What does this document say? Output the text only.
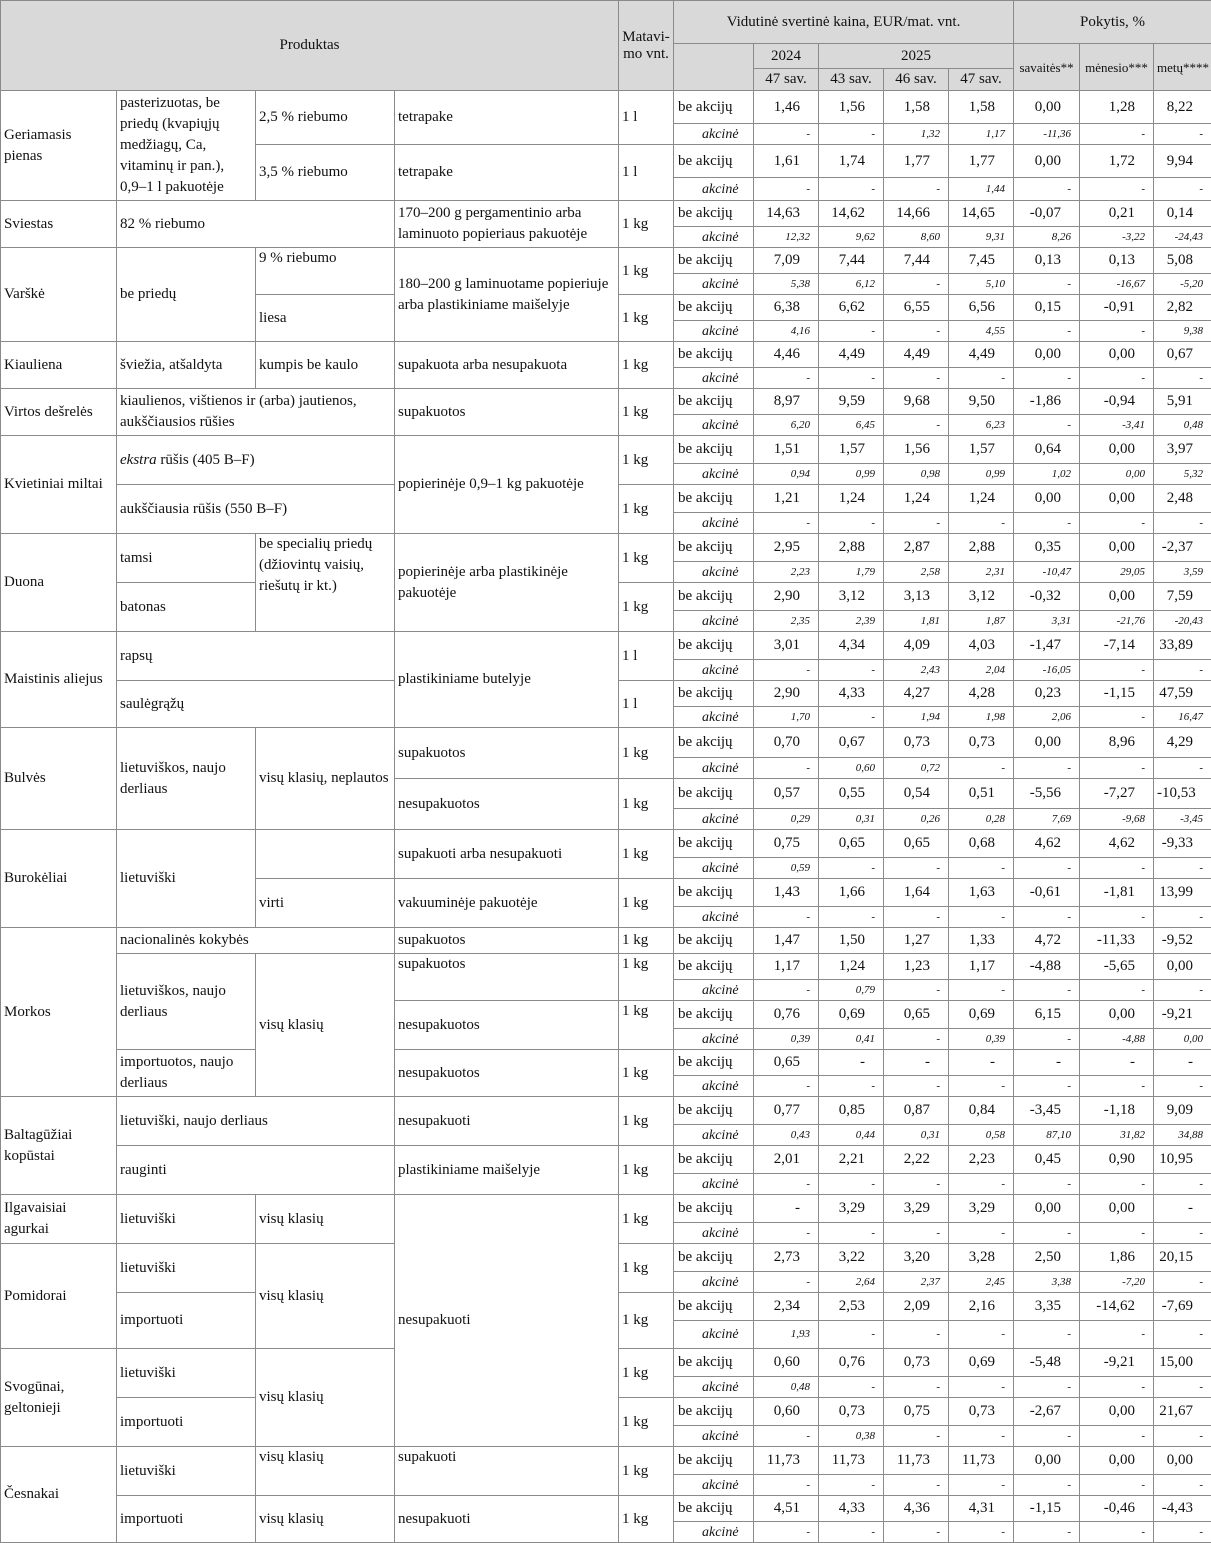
Produktas				Matavi-
mo vnt.	Vidutinė svertinė kaina, EUR/mat. vnt.					Pokytis, %		
						2024	2025			savaitės**	mėnesio***	metų****
						47 sav.	43 sav.	46 sav.	47 sav.			
Geriamasis pienas	pasterizuotas, be priedų (kvapiųjų medžiagų, Ca, vitaminų ir pan.), 0,9–1 l pakuotėje	2,5 % riebumo	tetrapake	1 l	be akcijų	1,46	1,56	1,58	1,58	0,00	1,28	8,22
					akcinė	-	-	1,32	1,17	-11,36	-	-
		3,5 % riebumo	tetrapake	1 l	be akcijų	1,61	1,74	1,77	1,77	0,00	1,72	9,94
					akcinė	-	-	-	1,44	-	-	-
Sviestas	82 % riebumo		170–200 g pergamentinio arba laminuoto popieriaus pakuotėje	1 kg	be akcijų	14,63	14,62	14,66	14,65	-0,07	0,21	0,14
					akcinė	12,32	9,62	8,60	9,31	8,26	-3,22	-24,43
Varškė	be priedų	9 % riebumo	180–200 g laminuotame popieriuje arba plastikiniame maišelyje	1 kg	be akcijų	7,09	7,44	7,44	7,45	0,13	0,13	5,08
					akcinė	5,38	6,12	-	5,10	-	-16,67	-5,20
		liesa		1 kg	be akcijų	6,38	6,62	6,55	6,56	0,15	-0,91	2,82
					akcinė	4,16	-	-	4,55	-	-	9,38
Kiauliena	šviežia, atšaldyta	kumpis be kaulo	supakuota arba nesupakuota	1 kg	be akcijų	4,46	4,49	4,49	4,49	0,00	0,00	0,67
					akcinė	-	-	-	-	-	-	-
Virtos dešrelės	kiaulienos, vištienos ir (arba) jautienos, aukščiausios rūšies		supakuotos	1 kg	be akcijų	8,97	9,59	9,68	9,50	-1,86	-0,94	5,91
					akcinė	6,20	6,45	-	6,23	-	-3,41	0,48
Kvietiniai miltai	ekstra rūšis (405 B–F)		popierinėje 0,9–1 kg pakuotėje	1 kg	be akcijų	1,51	1,57	1,56	1,57	0,64	0,00	3,97
					akcinė	0,94	0,99	0,98	0,99	1,02	0,00	5,32
	aukščiausia rūšis (550 B–F)			1 kg	be akcijų	1,21	1,24	1,24	1,24	0,00	0,00	2,48
					akcinė	-	-	-	-	-	-	-
Duona	tamsi	be specialių priedų (džiovintų vaisių, riešutų ir kt.)	popierinėje arba plastikinėje pakuotėje	1 kg	be akcijų	2,95	2,88	2,87	2,88	0,35	0,00	-2,37
					akcinė	2,23	1,79	2,58	2,31	-10,47	29,05	3,59
	batonas			1 kg	be akcijų	2,90	3,12	3,13	3,12	-0,32	0,00	7,59
					akcinė	2,35	2,39	1,81	1,87	3,31	-21,76	-20,43
Maistinis aliejus	rapsų		plastikiniame butelyje	1 l	be akcijų	3,01	4,34	4,09	4,03	-1,47	-7,14	33,89
					akcinė	-	-	2,43	2,04	-16,05	-	-
	saulėgrąžų			1 l	be akcijų	2,90	4,33	4,27	4,28	0,23	-1,15	47,59
					akcinė	1,70	-	1,94	1,98	2,06	-	16,47
Bulvės	lietuviškos, naujo derliaus	visų klasių, neplautos	supakuotos	1 kg	be akcijų	0,70	0,67	0,73	0,73	0,00	8,96	4,29
					akcinė	-	0,60	0,72	-	-	-	-
			nesupakuotos	1 kg	be akcijų	0,57	0,55	0,54	0,51	-5,56	-7,27	-10,53
					akcinė	0,29	0,31	0,26	0,28	7,69	-9,68	-3,45
Burokėliai	lietuviški		supakuoti arba nesupakuoti	1 kg	be akcijų	0,75	0,65	0,65	0,68	4,62	4,62	-9,33
					akcinė	0,59	-	-	-	-	-	-
		virti	vakuuminėje pakuotėje	1 kg	be akcijų	1,43	1,66	1,64	1,63	-0,61	-1,81	13,99
					akcinė	-	-	-	-	-	-	-
Morkos	nacionalinės kokybės		supakuotos	1 kg	be akcijų	1,47	1,50	1,27	1,33	4,72	-11,33	-9,52
	lietuviškos, naujo derliaus	visų klasių	supakuotos	1 kg	be akcijų	1,17	1,24	1,23	1,17	-4,88	-5,65	0,00
					akcinė	-	0,79	-	-	-	-	-
			nesupakuotos	1 kg	be akcijų	0,76	0,69	0,65	0,69	6,15	0,00	-9,21
					akcinė	0,39	0,41	-	0,39	-	-4,88	0,00
	importuotos, naujo derliaus		nesupakuotos	1 kg	be akcijų	0,65	-	-	-	-	-	-
					akcinė	-	-	-	-	-	-	-
Baltagūžiai kopūstai	lietuviški, naujo derliaus		nesupakuoti	1 kg	be akcijų	0,77	0,85	0,87	0,84	-3,45	-1,18	9,09
					akcinė	0,43	0,44	0,31	0,58	87,10	31,82	34,88
	rauginti		plastikiniame maišelyje	1 kg	be akcijų	2,01	2,21	2,22	2,23	0,45	0,90	10,95
					akcinė	-	-	-	-	-	-	-
Ilgavaisiai agurkai	lietuviški	visų klasių	nesupakuoti	1 kg	be akcijų	-	3,29	3,29	3,29	0,00	0,00	-
					akcinė	-	-	-	-	-	-	-
Pomidorai	lietuviški	visų klasių		1 kg	be akcijų	2,73	3,22	3,20	3,28	2,50	1,86	20,15
					akcinė	-	2,64	2,37	2,45	3,38	-7,20	-
	importuoti			1 kg	be akcijų	2,34	2,53	2,09	2,16	3,35	-14,62	-7,69
					akcinė	1,93	-	-	-	-	-	-
Svogūnai, geltonieji	lietuviški	visų klasių		1 kg	be akcijų	0,60	0,76	0,73	0,69	-5,48	-9,21	15,00
					akcinė	0,48	-	-	-	-	-	-
	importuoti			1 kg	be akcijų	0,60	0,73	0,75	0,73	-2,67	0,00	21,67
					akcinė	-	0,38	-	-	-	-	-
Česnakai	lietuviški	visų klasių	supakuoti	1 kg	be akcijų	11,73	11,73	11,73	11,73	0,00	0,00	0,00
					akcinė	-	-	-	-	-	-	-
	importuoti	visų klasių	nesupakuoti	1 kg	be akcijų	4,51	4,33	4,36	4,31	-1,15	-0,46	-4,43
					akcinė	-	-	-	-	-	-	-
